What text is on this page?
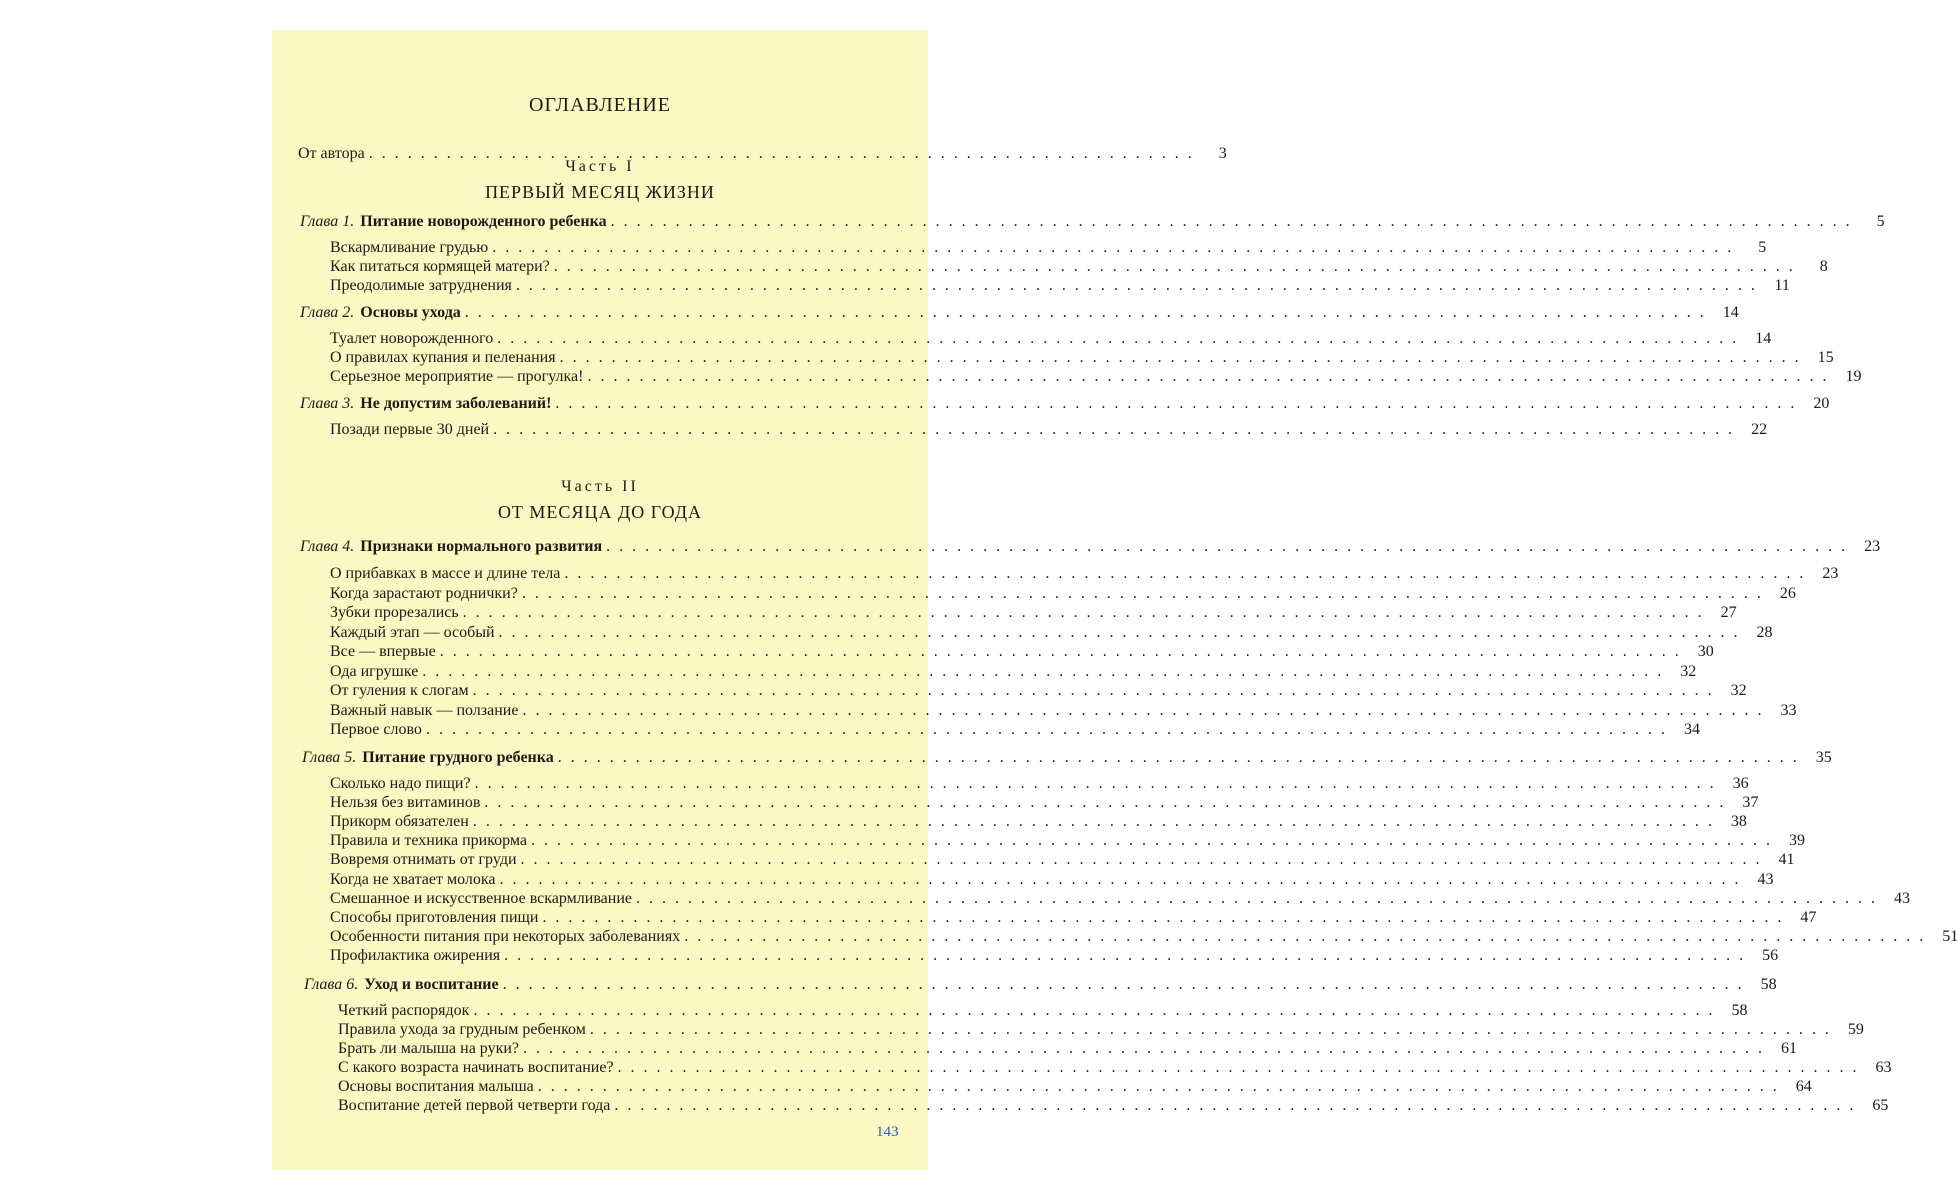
ОГЛАВЛЕНИЕ
От автора ................................................................	3
Часть I
ПЕРВЫЙ МЕСЯЦ ЖИЗНИ
Глава 1. Питание новорожденного ребенка ................................................................................................	5
Вскармливание грудью ................................................................................................	5
Как питаться кормящей матери? ................................................................................................	8
Преодолимые затруднения ................................................................................................ 11
Глава 2. Основы ухода ................................................................................................ 14
Туалет новорожденного ................................................................................................ 14
О правилах купания и пеленания ................................................................................................ 15
Серьезное мероприятие — прогулка! ................................................................................................ 19
Глава 3. Не допустим заболеваний! ................................................................................................ 20
Позади первые 30 дней ................................................................................................ 22
Часть II
ОТ МЕСЯЦА ДО ГОДА
Глава 4. Признаки нормального развития ................................................................................................ 23
О прибавках в массе и длине тела ................................................................................................ 23
Когда зарастают роднички? ................................................................................................ 26
Зубки прорезались ................................................................................................ 27
Каждый этап — особый ................................................................................................ 28
Все — впервые ................................................................................................ 30
Ода игрушке ................................................................................................ 32
От гуления к слогам ................................................................................................ 32
Важный навык — ползание ................................................................................................ 33
Первое слово ................................................................................................ 34
Глава 5. Питание грудного ребенка ................................................................................................ 35
Сколько надо пищи? ................................................................................................ 36
Нельзя без витаминов ................................................................................................ 37
Прикорм обязателен ................................................................................................ 38
Правила и техника прикорма ................................................................................................ 39
Вовремя отнимать от груди ................................................................................................ 41
Когда не хватает молока ................................................................................................ 43
Смешанное и искусственное вскармливание ................................................................................................ 43
Способы приготовления пищи ................................................................................................ 47
Особенности питания при некоторых заболеваниях ................................................................................................ 51
Профилактика ожирения ................................................................................................ 56
Глава 6. Уход и воспитание ................................................................................................ 58
Четкий распорядок ................................................................................................ 58
Правила ухода за грудным ребенком ................................................................................................ 59
Брать ли малыша на руки? ................................................................................................ 61
С какого возраста начинать воспитание? ................................................................................................ 63
Основы воспитания малыша ................................................................................................ 64
Воспитание детей первой четверти года ................................................................................................ 65
143
